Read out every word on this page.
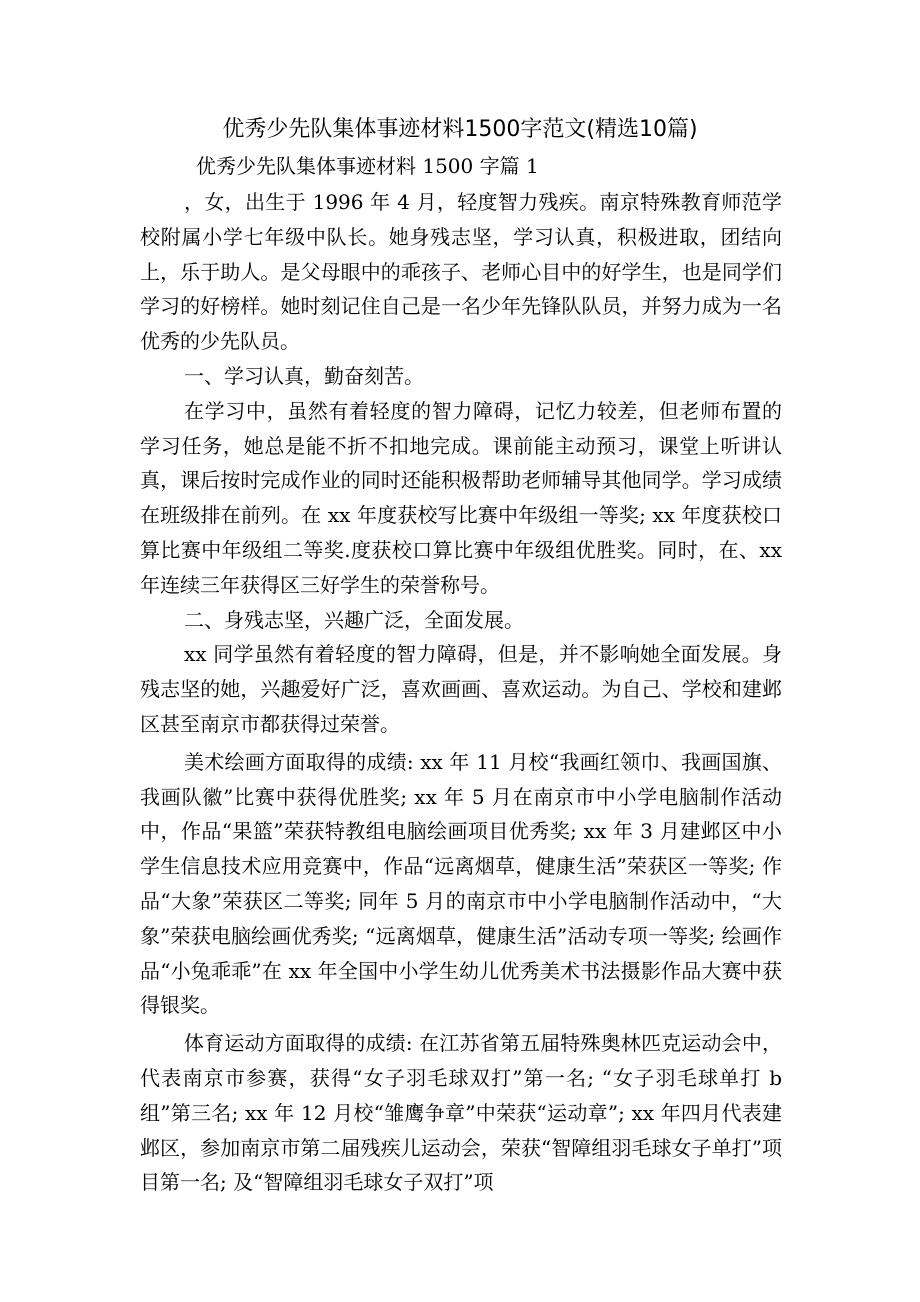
优秀少先队集体事迹材料1500字范文(精选10篇)
优秀少先队集体事迹材料 1500 字篇 1

，女，出生于 1996 年 4 月，轻度智力残疾。南京特殊教育师范学校附属小学七年级中队长。她身残志坚，学习认真，积极进取，团结向上，乐于助人。是父母眼中的乖孩子、老师心目中的好学生，也是同学们学习的好榜样。她时刻记住自己是一名少年先锋队队员，并努力成为一名优秀的少先队员。

一、学习认真，勤奋刻苦。

在学习中，虽然有着轻度的智力障碍，记忆力较差，但老师布置的学习任务，她总是能不折不扣地完成。课前能主动预习，课堂上听讲认真，课后按时完成作业的同时还能积极帮助老师辅导其他同学。学习成绩在班级排在前列。在 xx 年度获校写比赛中年级组一等奖; xx 年度获校口算比赛中年级组二等奖.度获校口算比赛中年级组优胜奖。同时，在、xx 年连续三年获得区三好学生的荣誉称号。

二、身残志坚，兴趣广泛，全面发展。

xx 同学虽然有着轻度的智力障碍，但是，并不影响她全面发展。身残志坚的她，兴趣爱好广泛，喜欢画画、喜欢运动。为自己、学校和建邺区甚至南京市都获得过荣誉。

美术绘画方面取得的成绩: xx 年 11 月校“我画红领巾、我画国旗、我画队徽”比赛中获得优胜奖; xx 年 5 月在南京市中小学电脑制作活动中，作品“果篮”荣获特教组电脑绘画项目优秀奖; xx 年 3 月建邺区中小学生信息技术应用竞赛中，作品“远离烟草，健康生活”荣获区一等奖; 作品“大象”荣获区二等奖; 同年 5 月的南京市中小学电脑制作活动中，“大象”荣获电脑绘画优秀奖; “远离烟草，健康生活”活动专项一等奖; 绘画作品“小兔乖乖”在 xx 年全国中小学生幼儿优秀美术书法摄影作品大赛中获得银奖。

体育运动方面取得的成绩: 在江苏省第五届特殊奥林匹克运动会中，代表南京市参赛，获得“女子羽毛球双打”第一名; “女子羽毛球单打 b 组”第三名; xx 年 12 月校“雏鹰争章”中荣获“运动章”; xx 年四月代表建邺区，参加南京市第二届残疾儿运动会，荣获“智障组羽毛球女子单打”项目第一名; 及“智障组羽毛球女子双打”项
